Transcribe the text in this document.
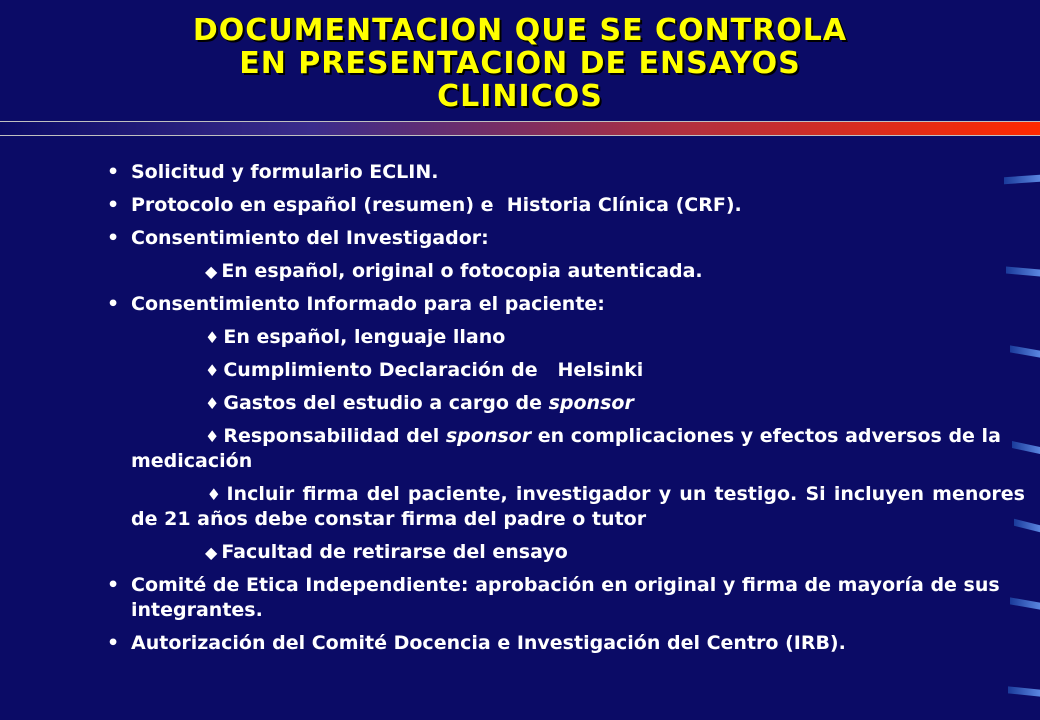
DOCUMENTACION QUE SE CONTROLA
EN PRESENTACION DE ENSAYOS
CLINICOS
• Solicitud y formulario ECLIN.
• Protocolo en español (resumen) e  Historia Clínica (CRF).
• Consentimiento del Investigador:
◆ En español, original o fotocopia autenticada.
• Consentimiento Informado para el paciente:
♦ En español, lenguaje llano
♦ Cumplimiento Declaración de   Helsinki
♦ Gastos del estudio a cargo de sponsor
♦ Responsabilidad del sponsor en complicaciones y efectos adversos de la medicación
♦ Incluir firma del paciente, investigador y un testigo. Si incluyen menores de 21 años debe constar firma del padre o tutor
◆ Facultad de retirarse del ensayo
• Comité de Etica Independiente: aprobación en original y firma de mayoría de sus integrantes.
• Autorización del Comité Docencia e Investigación del Centro (IRB).
